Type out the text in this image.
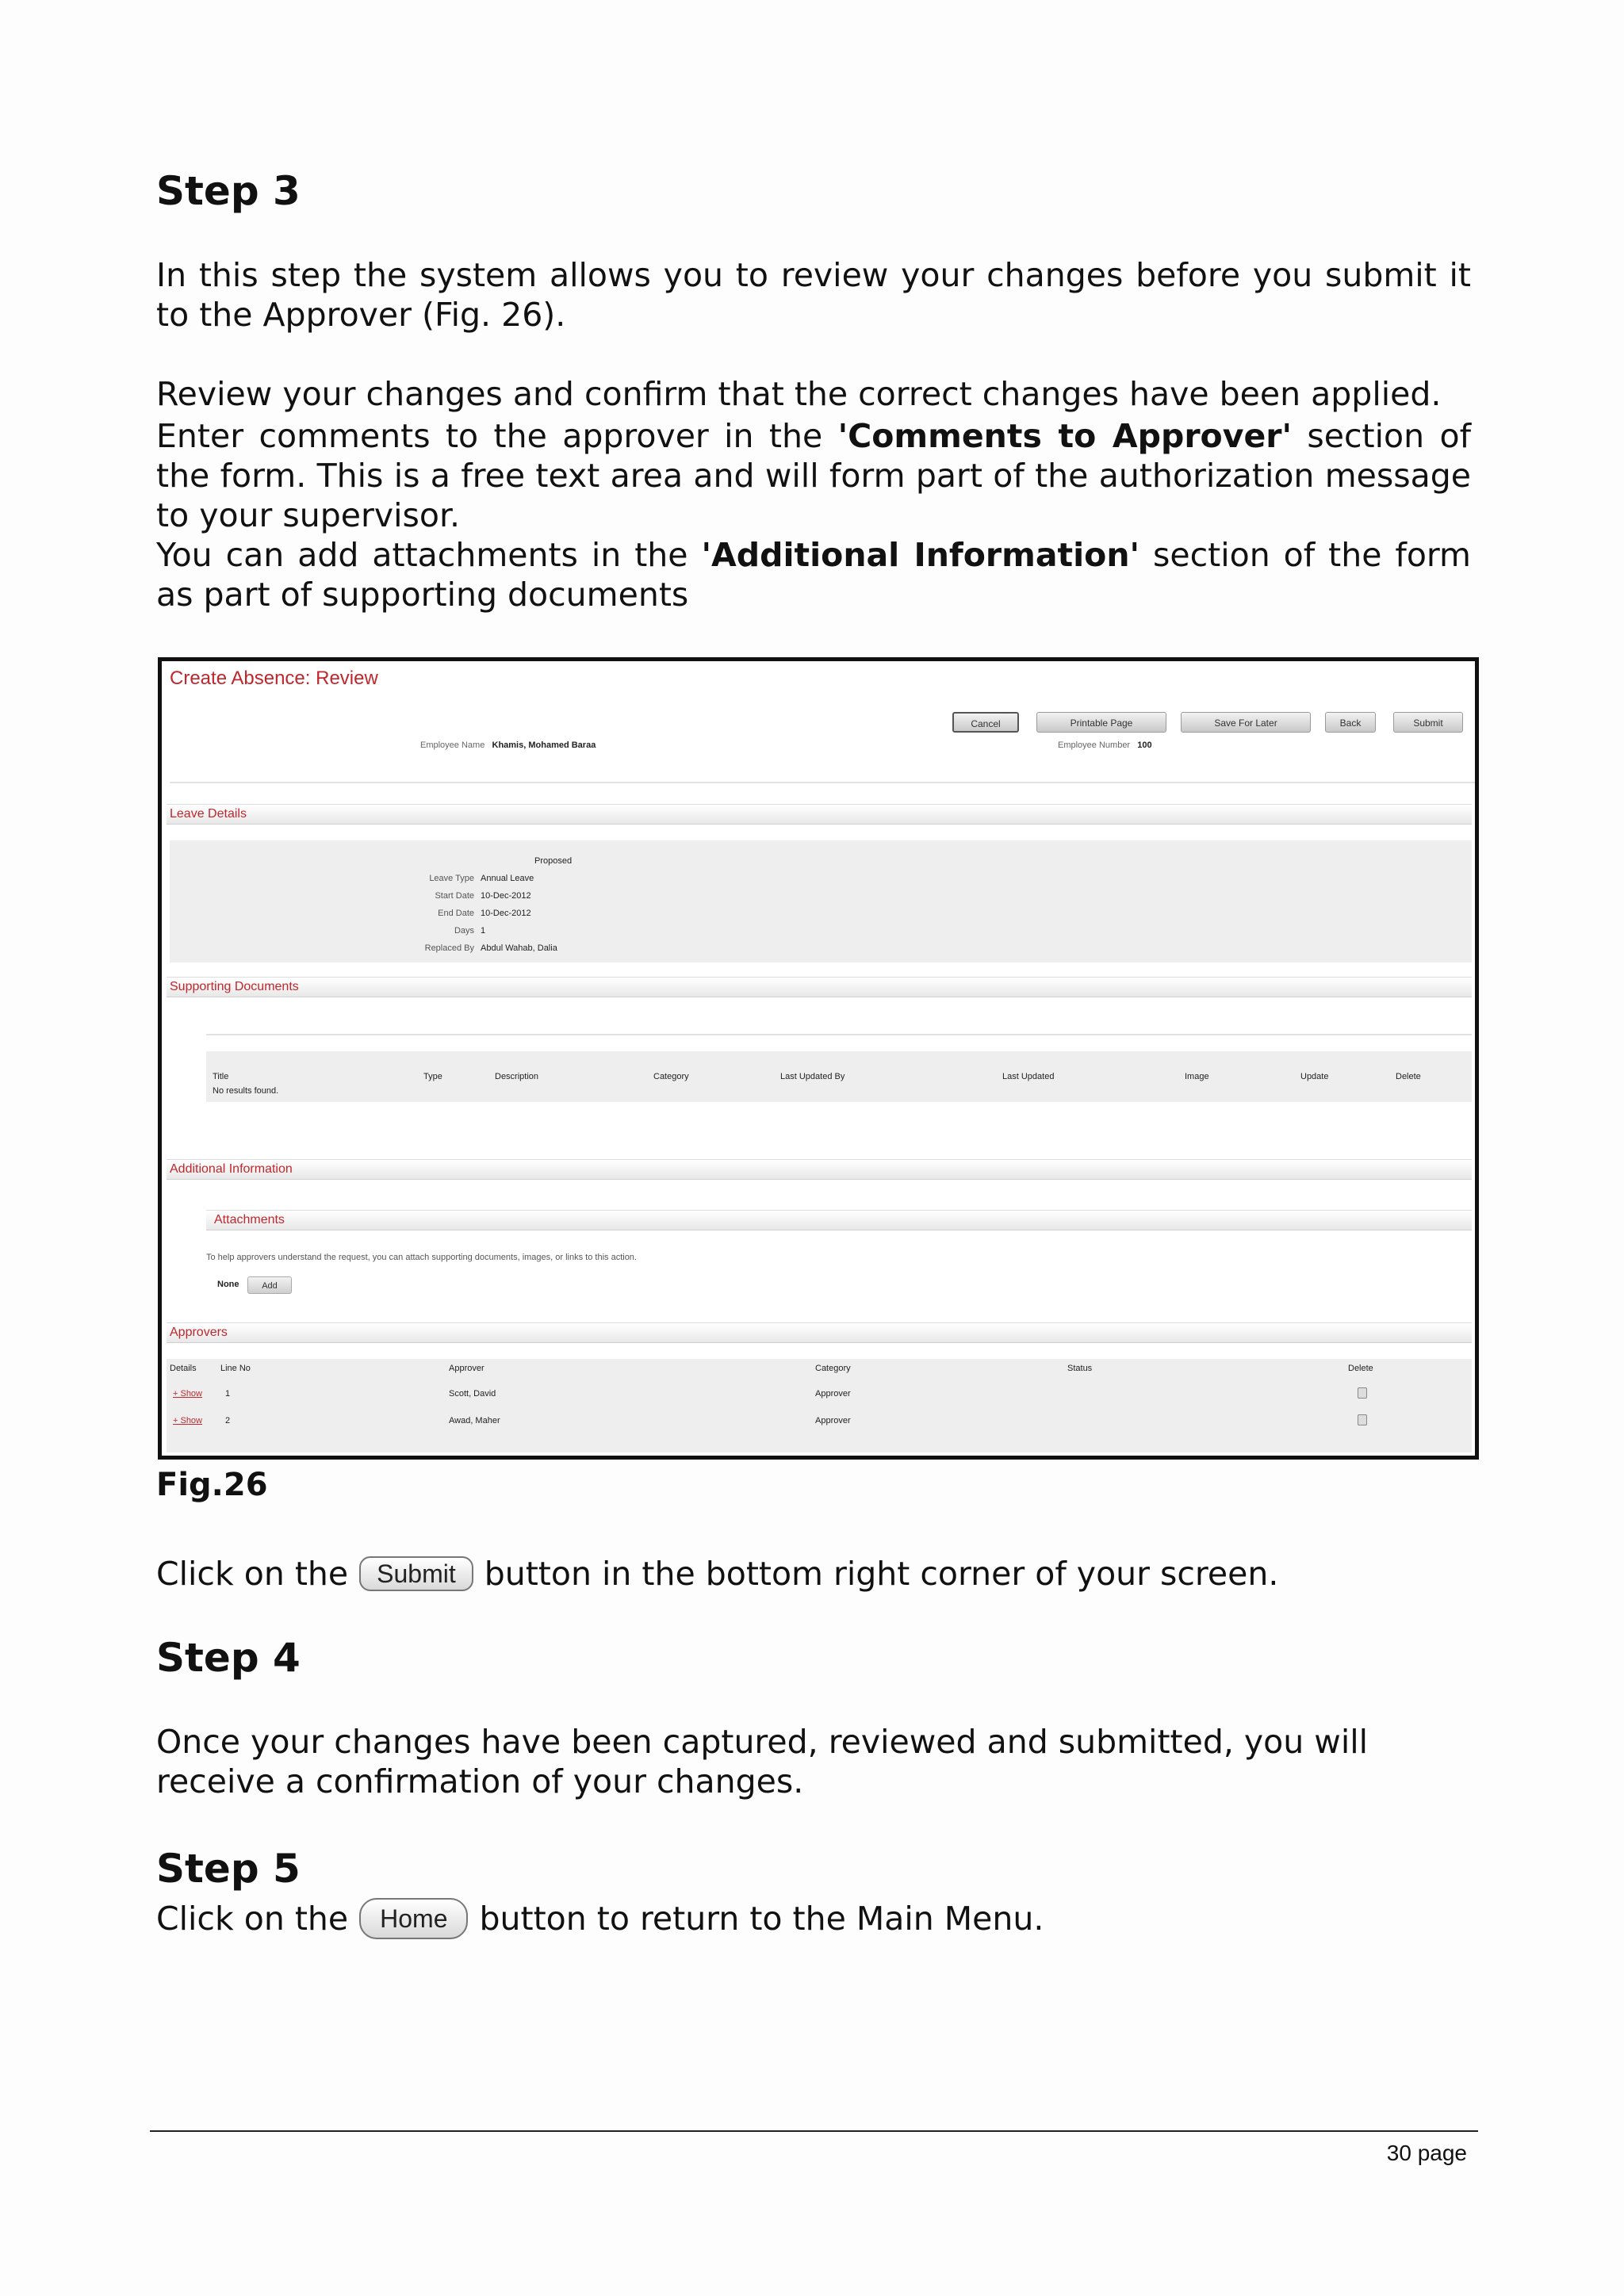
Step 3

In this step the system allows you to review your changes before you submit it to the Approver (Fig. 26).

Review your changes and confirm that the correct changes have been applied.

Enter comments to the approver in the 'Comments to Approver' section of the form. This is a free text area and will form part of the authorization message to your supervisor.

You can add attachments in the 'Additional Information' section of the form as part of supporting documents

Create Absence: Review
Cancel	Printable Page	Save For Later	Back	Submit
Employee Name Khamis, Mohamed Baraa	Employee Number 100
Leave Details
Proposed
Leave Type Annual Leave
Start Date 10-Dec-2012
End Date 10-Dec-2012
Days 1
Replaced By Abdul Wahab, Dalia
Supporting Documents
Title	Type	Description	Category	Last Updated By	Last Updated	Image	Update	Delete
No results found.
Additional Information
Attachments
To help approvers understand the request, you can attach supporting documents, images, or links to this action.
None	Add
Approvers
Details	Line No	Approver	Category	Status	Delete
+ Show	1	Scott, David	Approver
+ Show	2	Awad, Maher	Approver
Fig.26

Click on the Submit button in the bottom right corner of your screen.

Step 4

Once your changes have been captured, reviewed and submitted, you will receive a confirmation of your changes.

Step 5

Click on the Home button to return to the Main Menu.

30 page
